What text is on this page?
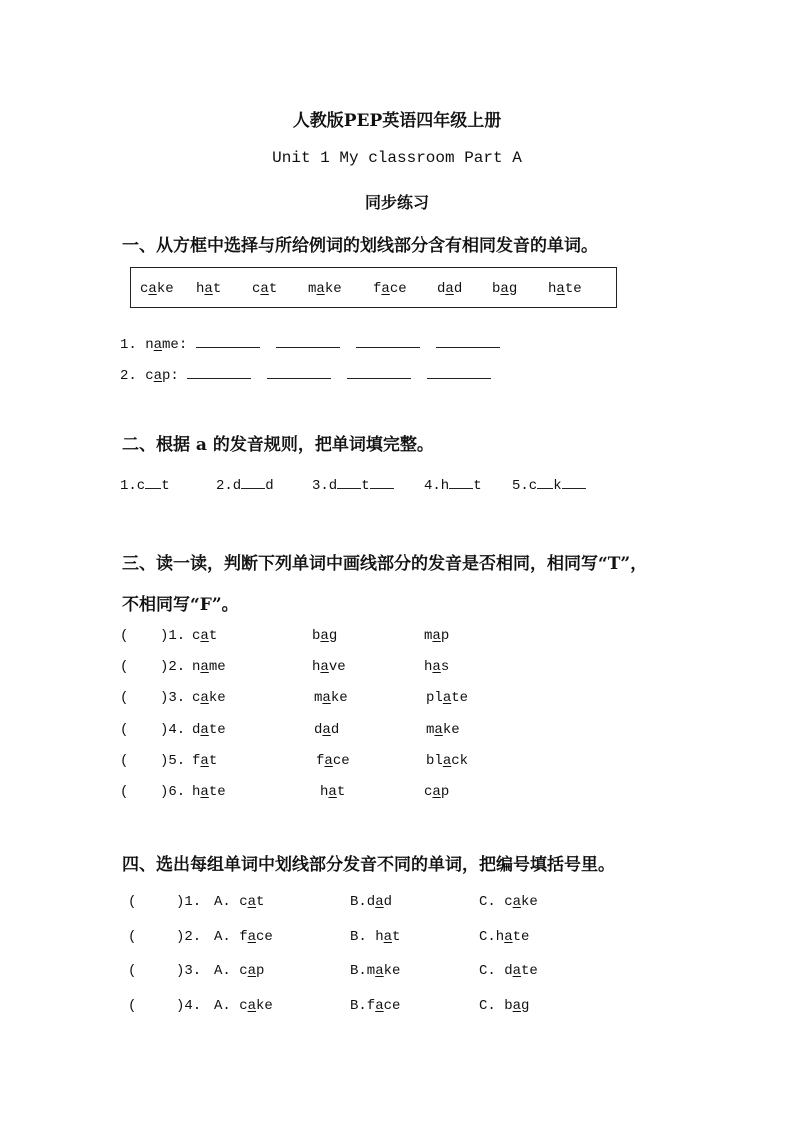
人教版PEP英语四年级上册
Unit 1 My classroom Part A
同步练习
一、从方框中选择与所给例词的划线部分含有相同发音的单词。
cake hat cat make face dad bag hate
1. name:
2. cap:
二、根据 a 的发音规则，把单词填完整。
1.c t	2.d d	3.d t	4.h t 5.c k
三、读一读，判断下列单词中画线部分的发音是否相同，相同写“T”，
不相同写“F”。
( )1. cat	bag	map
( )2. name	have	has
( )3. cake	make	plate
( )4. date	dad	make
( )5. fat	face	black
( )6. hate	hat	cap
四、选出每组单词中划线部分发音不同的单词，把编号填括号里。
(	)1. A. cat	B.dad	C. cake
(	)2. A. face	B. hat	C.hate
(	)3. A. cap	B.make	C. date
(	)4. A. cake	B.face	C. bag
